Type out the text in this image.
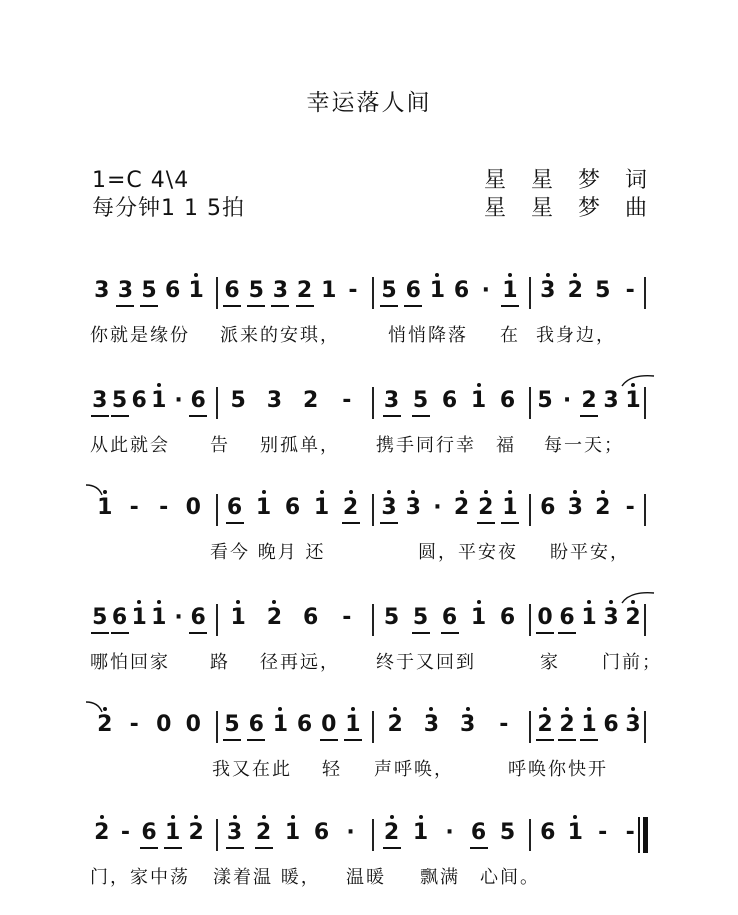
幸运落人间
1=C 4\4
每分钟1 1 5拍
星 星 梦 词
星 星 梦 曲
3 3 5 6 1 6 5 3 2 1 - 5 6 1 6 · 1 3 2 5 -
你就是缘份 派来的安琪，	悄悄降落 在 我身边，
3 5 6 1 · 6 5 3 2 - 3 5 6 1 6 5 · 2 3 1
从此就会 告 别孤单， 携手同行幸 福 每一天；
1 - - 0 6 1 6 1 2 3 3 · 2 2 1 6 3 2 -
看今 晚月 还	圆，平安夜 盼平安，
5 6 1 1 · 6 1 2 6 - 5 5 6 1 6 0 6 1 3 2
哪怕回家 路 径再远， 终于又回到	家 门前；
2 - 0 0 5 6 1 6 0 1 2 3 3 - 2 2 1 6 3
我又在此 轻 声呼唤，	呼唤你快开
2 - 6 1 2 3 2 1 6 · 2 1 · 6 5 6 1 - -
门，家中荡 漾着温 暖， 温暖 飘满 心间。
